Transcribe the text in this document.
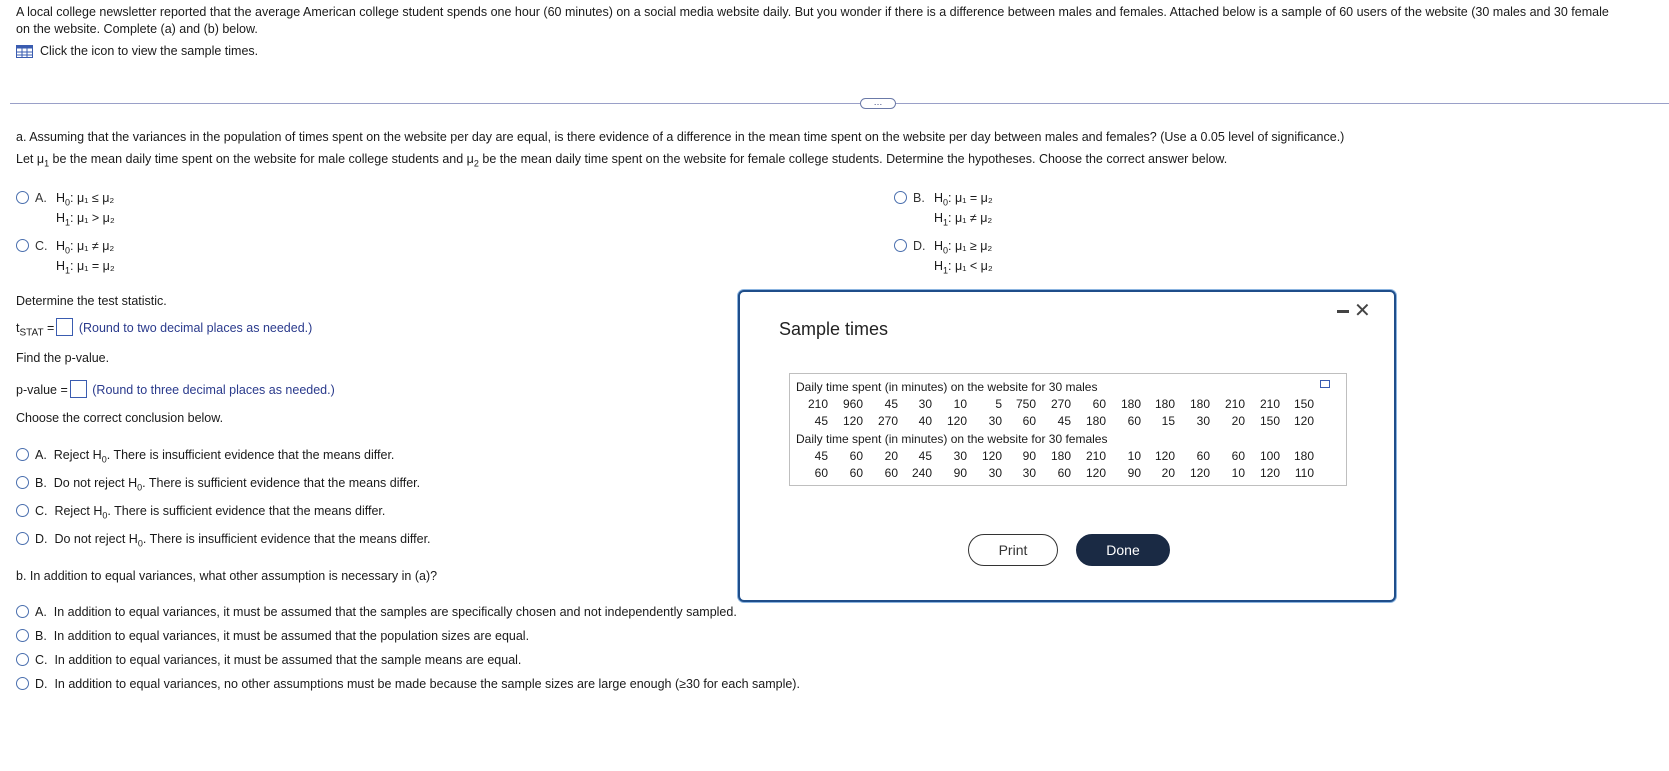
A local college newsletter reported that the average American college student spends one hour (60 minutes) on a social media website daily. But you wonder if there is a difference between males and females. Attached below is a sample of 60 users of the website (30 males and 30 female
on the website. Complete (a) and (b) below.
Click the icon to view the sample times.
…
a. Assuming that the variances in the population of times spent on the website per day are equal, is there evidence of a difference in the mean time spent on the website per day between males and females? (Use a 0.05 level of significance.)
Let $\mu_1$ be the mean daily time spent on the website for male college students and $\mu_2$ be the mean daily time spent on the website for female college students. Determine the hypotheses. Choose the correct answer below.
A. $H_0$: μ₁ ≤ μ₂
$H_1$: μ₁ > μ₂
B. $H_0$: μ₁ = μ₂
$H_1$: μ₁ ≠ μ₂
C. $H_0$: μ₁ ≠ μ₂
$H_1$: μ₁ = μ₂
D. $H_0$: μ₁ ≥ μ₂
$H_1$: μ₁ < μ₂
Determine the test statistic.
$t_{STAT}$ = (Round to two decimal places as needed.)
Find the p-value.
p-value = (Round to three decimal places as needed.)
Choose the correct conclusion below.
A. Reject $H_0$. There is insufficient evidence that the means differ.
B. Do not reject $H_0$. There is sufficient evidence that the means differ.
C. Reject $H_0$. There is sufficient evidence that the means differ.
D. Do not reject $H_0$. There is insufficient evidence that the means differ.
b. In addition to equal variances, what other assumption is necessary in (a)?
A. In addition to equal variances, it must be assumed that the samples are specifically chosen and not independently sampled.
B. In addition to equal variances, it must be assumed that the population sizes are equal.
C. In addition to equal variances, it must be assumed that the sample means are equal.
D. In addition to equal variances, no other assumptions must be made because the sample sizes are large enough (≥30 for each sample).
Sample times
✕
Daily time spent (in minutes) on the website for 30 males
210	960	45	30	10	5	750	270	60	180	180	180	210	210	150
45	120	270	40	120	30	60	45	180	60	15	30	20	150	120
Daily time spent (in minutes) on the website for 30 females
45	60	20	45	30	120	90	180	210	10	120	60	60	100	180
60	60	60	240	90	30	30	60	120	90	20	120	10	120	110
Print	Done
